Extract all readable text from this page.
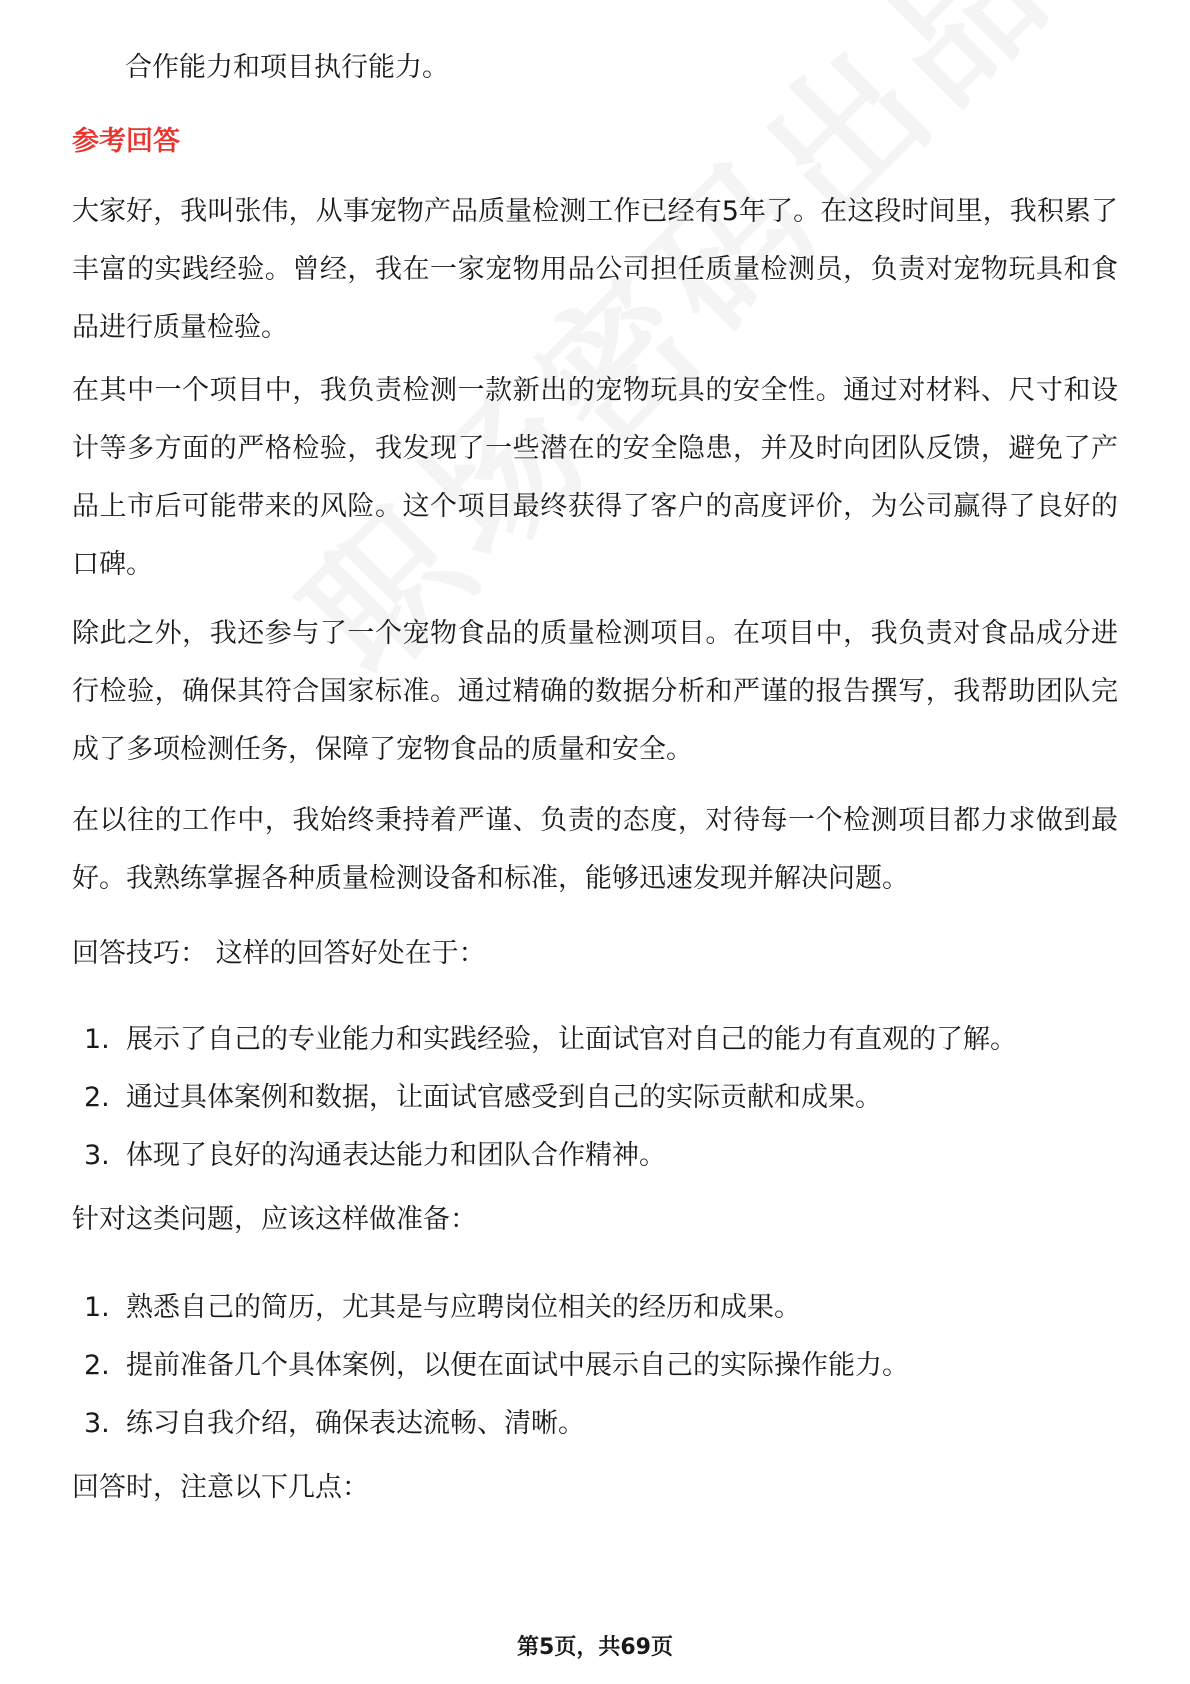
合作能力和项目执行能力。

参考回答

大家好，我叫张伟，从事宠物产品质量检测工作已经有5年了。在这段时间里，我积累了丰富的实践经验。曾经，我在一家宠物用品公司担任质量检测员，负责对宠物玩具和食品进行质量检验。

在其中一个项目中，我负责检测一款新出的宠物玩具的安全性。通过对材料、尺寸和设计等多方面的严格检验，我发现了一些潜在的安全隐患，并及时向团队反馈，避免了产品上市后可能带来的风险。这个项目最终获得了客户的高度评价，为公司赢得了良好的口碑。

除此之外，我还参与了一个宠物食品的质量检测项目。在项目中，我负责对食品成分进行检验，确保其符合国家标准。通过精确的数据分析和严谨的报告撰写，我帮助团队完成了多项检测任务，保障了宠物食品的质量和安全。

在以往的工作中，我始终秉持着严谨、负责的态度，对待每一个检测项目都力求做到最好。我熟练掌握各种质量检测设备和标准，能够迅速发现并解决问题。

回答技巧： 这样的回答好处在于：

1. 展示了自己的专业能力和实践经验，让面试官对自己的能力有直观的了解。
2. 通过具体案例和数据，让面试官感受到自己的实际贡献和成果。
3. 体现了良好的沟通表达能力和团队合作精神。

针对这类问题，应该这样做准备：

1. 熟悉自己的简历，尤其是与应聘岗位相关的经历和成果。
2. 提前准备几个具体案例，以便在面试中展示自己的实际操作能力。
3. 练习自我介绍，确保表达流畅、清晰。

回答时，注意以下几点：

第5页，共69页
